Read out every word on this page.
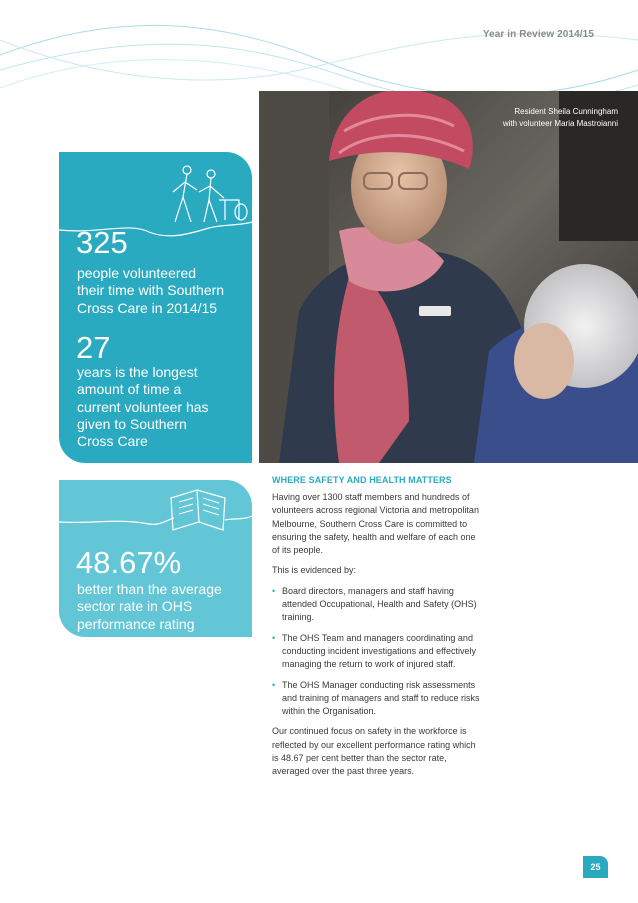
Year in Review 2014/15
Resident Sheila Cunningham
with volunteer Maria Mastroianni
325
people volunteered
their time with Southern
Cross Care in 2014/15
27
years is the longest
amount of time a
current volunteer has
given to Southern
Cross Care
48.67%
better than the average
sector rate in OHS
performance rating
WHERE SAFETY AND HEALTH MATTERS

Having over 1300 staff members and hundreds of volunteers across regional Victoria and metropolitan Melbourne, Southern Cross Care is committed to ensuring the safety, health and welfare of each one of its people.

This is evidenced by:

• Board directors, managers and staff having attended Occupational, Health and Safety (OHS) training.
• The OHS Team and managers coordinating and conducting incident investigations and effectively managing the return to work of injured staff.
• The OHS Manager conducting risk assessments and training of managers and staff to reduce risks within the Organisation.

Our continued focus on safety in the workforce is reflected by our excellent performance rating which is 48.67 per cent better than the sector rate, averaged over the past three years.

25
